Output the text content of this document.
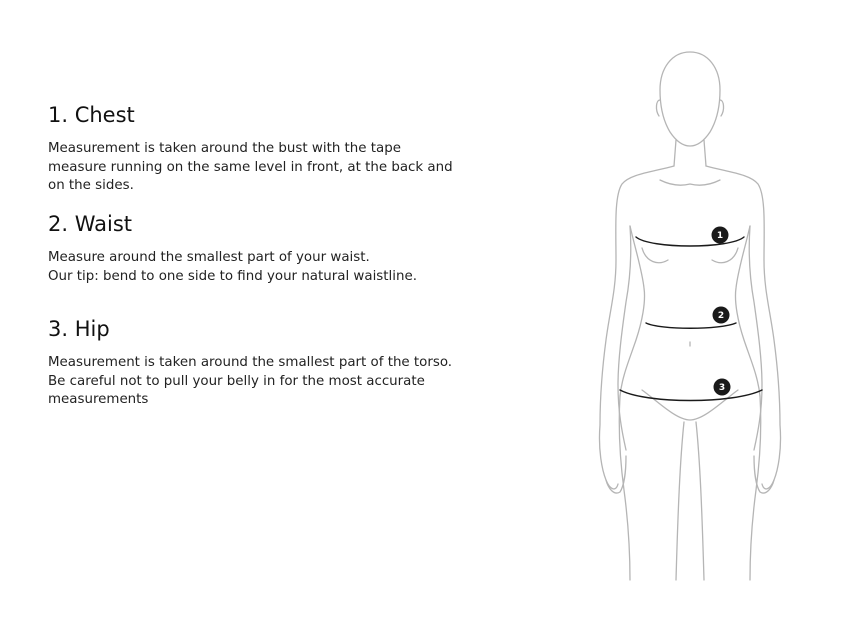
1. Chest

Measurement is taken around the bust with the tape
measure running on the same level in front, at the back and
on the sides.

2. Waist

Measure around the smallest part of your waist.
Our tip: bend to one side to find your natural waistline.

3. Hip

Measurement is taken around the smallest part of the torso.
Be careful not to pull your belly in for the most accurate
measurements

1
2
3
